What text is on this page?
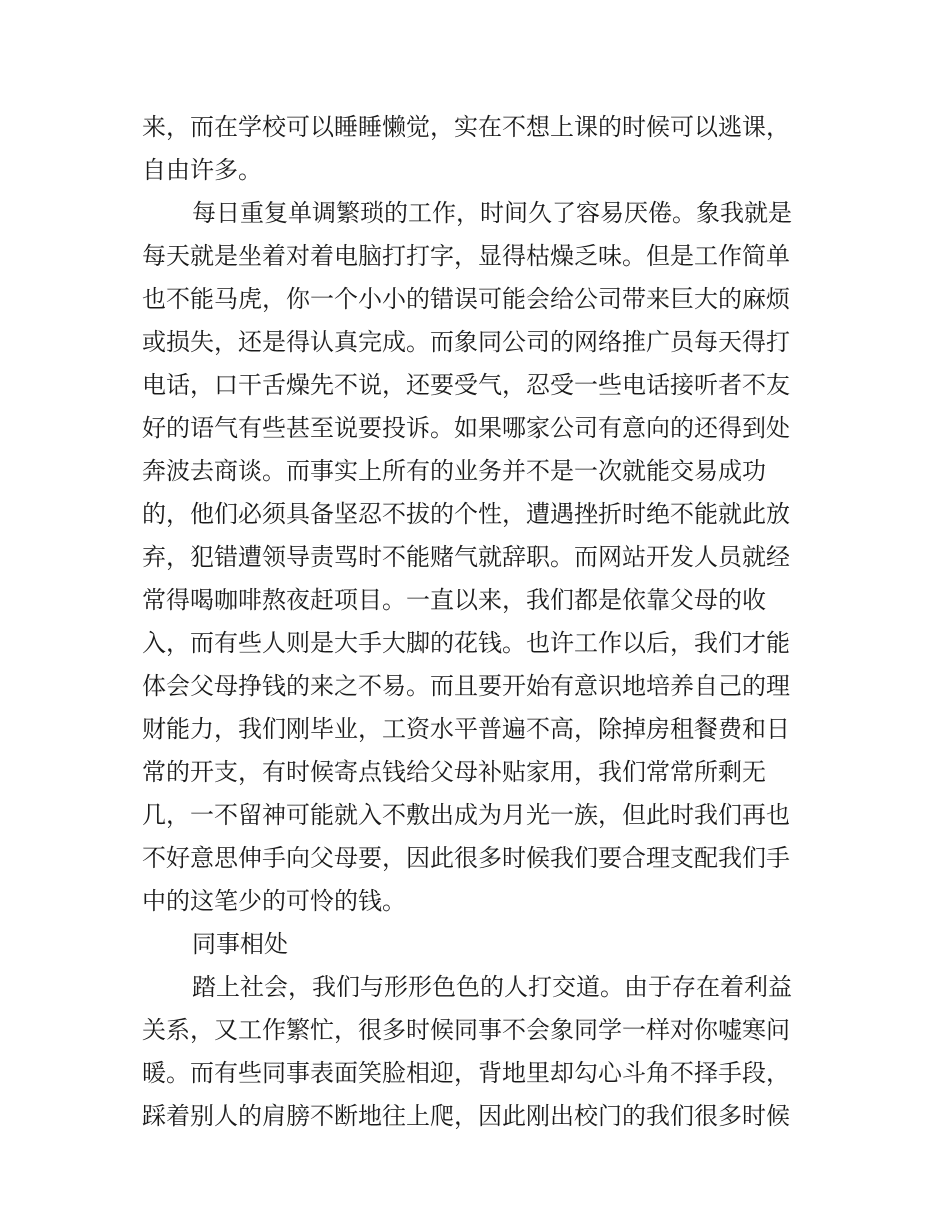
来，而在学校可以睡睡懒觉，实在不想上课的时候可以逃课，
自由许多。
每日重复单调繁琐的工作，时间久了容易厌倦。象我就是
每天就是坐着对着电脑打打字，显得枯燥乏味。但是工作简单
也不能马虎，你一个小小的错误可能会给公司带来巨大的麻烦
或损失，还是得认真完成。而象同公司的网络推广员每天得打
电话，口干舌燥先不说，还要受气，忍受一些电话接听者不友
好的语气有些甚至说要投诉。如果哪家公司有意向的还得到处
奔波去商谈。而事实上所有的业务并不是一次就能交易成功
的，他们必须具备坚忍不拔的个性，遭遇挫折时绝不能就此放
弃，犯错遭领导责骂时不能赌气就辞职。而网站开发人员就经
常得喝咖啡熬夜赶项目。一直以来，我们都是依靠父母的收
入，而有些人则是大手大脚的花钱。也许工作以后，我们才能
体会父母挣钱的来之不易。而且要开始有意识地培养自己的理
财能力，我们刚毕业，工资水平普遍不高，除掉房租餐费和日
常的开支，有时候寄点钱给父母补贴家用，我们常常所剩无
几，一不留神可能就入不敷出成为月光一族，但此时我们再也
不好意思伸手向父母要，因此很多时候我们要合理支配我们手
中的这笔少的可怜的钱。
同事相处
踏上社会，我们与形形色色的人打交道。由于存在着利益
关系，又工作繁忙，很多时候同事不会象同学一样对你嘘寒问
暖。而有些同事表面笑脸相迎，背地里却勾心斗角不择手段，
踩着别人的肩膀不断地往上爬，因此刚出校门的我们很多时候
